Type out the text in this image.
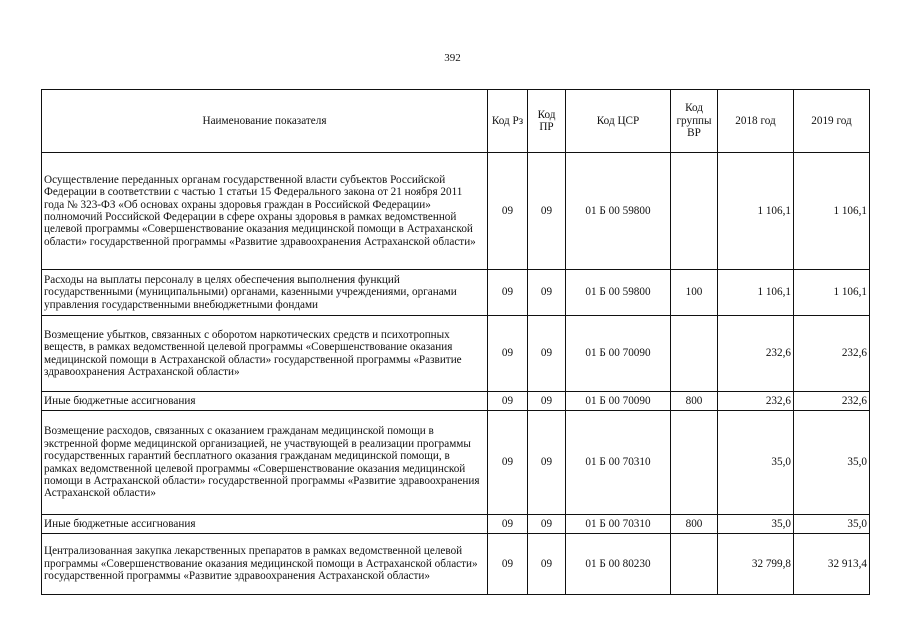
392
Наименование показателя	Код Рз	Код ПР	Код ЦСР	Код группы ВР	2018 год	2019 год
Осуществление переданных органам государственной власти субъектов Российской Федерации в соответствии с частью 1 статьи 15 Федерального закона от 21 ноября 2011 года № 323-ФЗ «Об основах охраны здоровья граждан в Российской Федерации» полномочий Российской Федерации в сфере охраны здоровья в рамках ведомственной целевой программы «Совершенствование оказания медицинской помощи в Астраханской области» государственной программы «Развитие здравоохранения Астраханской области»	09	09	01 Б 00 59800		1 106,1	1 106,1
Расходы на выплаты персоналу в целях обеспечения выполнения функций государственными (муниципальными) органами, казенными учреждениями, органами управления государственными внебюджетными фондами	09	09	01 Б 00 59800	100	1 106,1	1 106,1
Возмещение убытков, связанных с оборотом наркотических средств и психотропных веществ, в рамках ведомственной целевой программы «Совершенствование оказания медицинской помощи в Астраханской области» государственной программы «Развитие здравоохранения Астраханской области»	09	09	01 Б 00 70090		232,6	232,6
Иные бюджетные ассигнования	09	09	01 Б 00 70090	800	232,6	232,6
Возмещение расходов, связанных с оказанием гражданам медицинской помощи в экстренной форме медицинской организацией, не участвующей в реализации программы государственных гарантий бесплатного оказания гражданам медицинской помощи, в рамках ведомственной целевой программы «Совершенствование оказания медицинской помощи в Астраханской области» государственной программы «Развитие здравоохранения Астраханской области»	09	09	01 Б 00 70310		35,0	35,0
Иные бюджетные ассигнования	09	09	01 Б 00 70310	800	35,0	35,0
Централизованная закупка лекарственных препаратов в рамках ведомственной целевой программы «Совершенствование оказания медицинской помощи в Астраханской области» государственной программы «Развитие здравоохранения Астраханской области»	09	09	01 Б 00 80230		32 799,8	32 913,4
